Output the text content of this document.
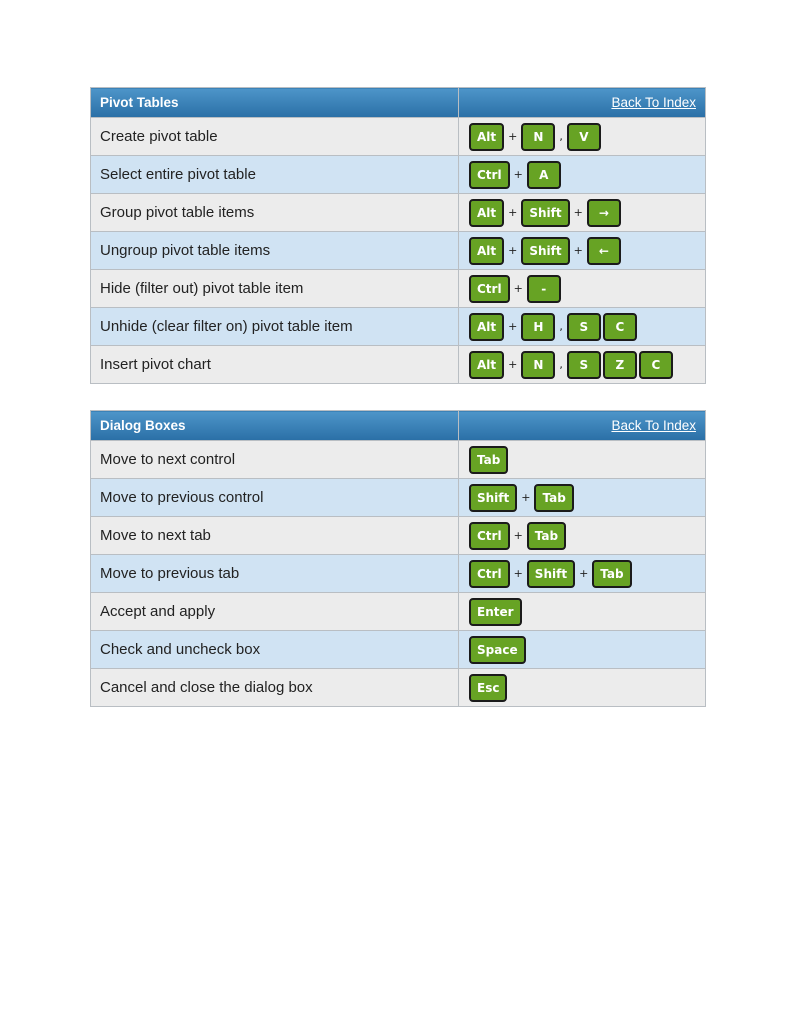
Pivot Tables	Back To Index
Create pivot table	Alt + N , V
Select entire pivot table	Ctrl + A
Group pivot table items	Alt + Shift + →
Ungroup pivot table items	Alt + Shift + ←
Hide (filter out) pivot table item	Ctrl + -
Unhide (clear filter on) pivot table item	Alt + H , S C
Insert pivot chart	Alt + N , S Z C
Dialog Boxes	Back To Index
Move to next control	Tab
Move to previous control	Shift + Tab
Move to next tab	Ctrl + Tab
Move to previous tab	Ctrl + Shift + Tab
Accept and apply	Enter
Check and uncheck box	Space
Cancel and close the dialog box	Esc
